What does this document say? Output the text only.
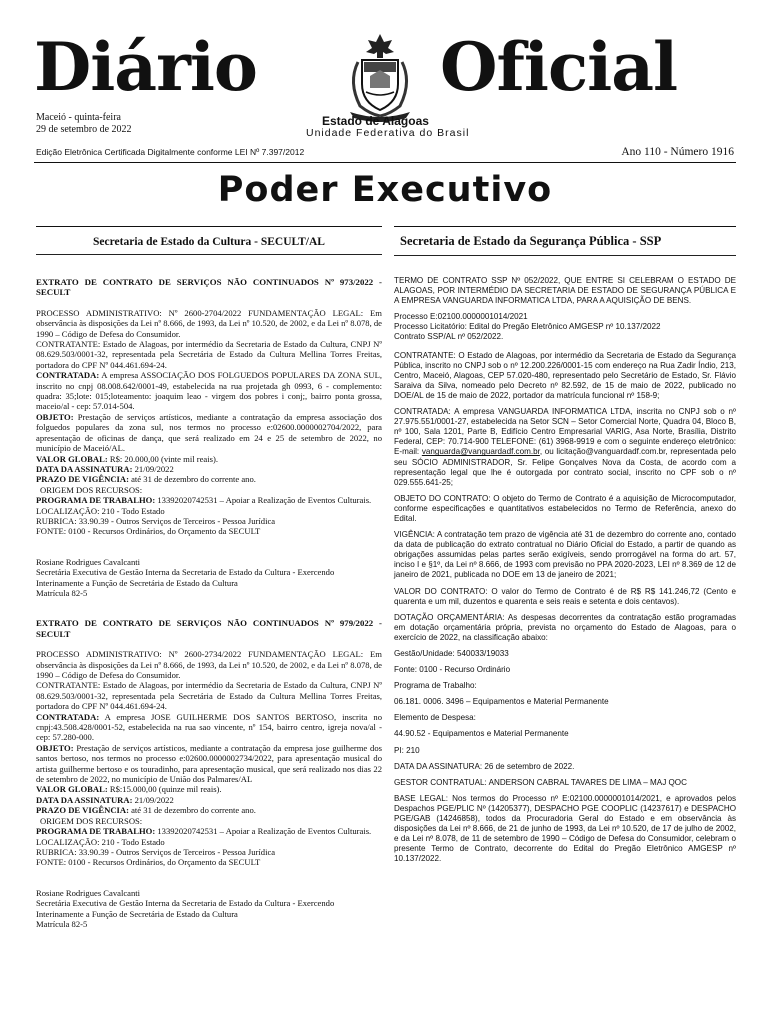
Diário	Oficial
Maceió - quinta-feira
29 de setembro de 2022
Estado de Alagoas
Unidade Federativa do Brasil
Edição Eletrônica Certificada Digitalmente conforme LEI Nº 7.397/2012	Ano 110 - Número 1916
Poder Executivo
Secretaria de Estado da Cultura - SECULT/AL
EXTRATO DE CONTRATO DE SERVIÇOS NÃO CONTINUADOS Nº 973/2022 - SECULT

PROCESSO ADMINISTRATIVO: Nº 2600-2704/2022 FUNDAMENTAÇÃO LEGAL: Em observância às disposições da Lei nº 8.666, de 1993, da Lei nº 10.520, de 2002, e da Lei nº 8.078, de 1990 – Código de Defesa do Consumidor.

CONTRATANTE: Estado de Alagoas, por intermédio da Secretaria de Estado da Cultura, CNPJ Nº 08.629.503/0001-32, representada pela Secretária de Estado da Cultura Mellina Torres Freitas, portadora do CPF Nº 044.461.694-24.

CONTRATADA: A empresa ASSOCIAÇÃO DOS FOLGUEDOS POPULARES DA ZONA SUL, inscrito no cnpj 08.008.642/0001-49, estabelecida na rua projetada gh 0993, 6 - complemento: quadra: 35;lote: 015;loteamento: joaquim leao - virgem dos pobres i conj;, bairro ponta grossa, maceio/al - cep: 57.014-504.

OBJETO: Prestação de serviços artísticos, mediante a contratação da empresa associação dos folguedos populares da zona sul, nos termos no processo e:02600.0000002704/2022, para apresentação de oficinas de dança, que será realizado em 24 e 25 de setembro de 2022, no município de Maceió/AL.

VALOR GLOBAL: R$: 20.000,00 (vinte mil reais).

DATA DA ASSINATURA: 21/09/2022

PRAZO DE VIGÊNCIA: até 31 de dezembro do corrente ano.

ORIGEM DOS RECURSOS:

PROGRAMA DE TRABALHO: 13392020742531 – Apoiar a Realização de Eventos Culturais.

LOCALIZAÇÃO: 210 - Todo Estado

RUBRICA: 33.90.39 - Outros Serviços de Terceiros - Pessoa Jurídica

FONTE: 0100 - Recursos Ordinários, do Orçamento da SECULT

Rosiane Rodrigues Cavalcanti

Secretária Executiva de Gestão Interna da Secretaria de Estado da Cultura - Exercendo Interinamente a Função de Secretária de Estado da Cultura

Matrícula 82-5

EXTRATO DE CONTRATO DE SERVIÇOS NÃO CONTINUADOS Nº 979/2022 - SECULT

PROCESSO ADMINISTRATIVO: Nº 2600-2734/2022 FUNDAMENTAÇÃO LEGAL: Em observância às disposições da Lei nº 8.666, de 1993, da Lei nº 10.520, de 2002, e da Lei nº 8.078, de 1990 – Código de Defesa do Consumidor.

CONTRATANTE: Estado de Alagoas, por intermédio da Secretaria de Estado da Cultura, CNPJ Nº 08.629.503/0001-32, representada pela Secretária de Estado da Cultura Mellina Torres Freitas, portadora do CPF Nº 044.461.694-24.

CONTRATADA: A empresa JOSE GUILHERME DOS SANTOS BERTOSO, inscrita no cnpj:43.508.428/0001-52, estabelecida na rua sao vincente, nº 154, bairro centro, igreja nova/al - cep: 57.280-000.

OBJETO: Prestação de serviços artísticos, mediante a contratação da empresa jose guilherme dos santos bertoso, nos termos no processo e:02600.0000002734/2022, para apresentação musical do artista guilherme bertoso e os touradinho, para apresentação musical, que será realizado nos dias 22 de setembro de 2022, no município de União dos Palmares/AL

VALOR GLOBAL: R$:15.000,00 (quinze mil reais).

DATA DA ASSINATURA: 21/09/2022

PRAZO DE VIGÊNCIA: até 31 de dezembro do corrente ano.

ORIGEM DOS RECURSOS:

PROGRAMA DE TRABALHO: 13392020742531 – Apoiar a Realização de Eventos Culturais.

LOCALIZAÇÃO: 210 - Todo Estado

RUBRICA: 33.90.39 - Outros Serviços de Terceiros - Pessoa Jurídica

FONTE: 0100 - Recursos Ordinários, do Orçamento da SECULT

Rosiane Rodrigues Cavalcanti

Secretária Executiva de Gestão Interna da Secretaria de Estado da Cultura - Exercendo Interinamente a Função de Secretária de Estado da Cultura

Matrícula 82-5

Secretaria de Estado da Segurança Pública - SSP

TERMO DE CONTRATO SSP Nº 052/2022, QUE ENTRE SI CELEBRAM O ESTADO DE ALAGOAS, POR INTERMÉDIO DA SECRETARIA DE ESTADO DE SEGURANÇA PÚBLICA E A EMPRESA VANGUARDA INFORMATICA LTDA, PARA A AQUISIÇÃO DE BENS.

Processo E:02100.0000001014/2021

Processo Licitatório: Edital do Pregão Eletrônico AMGESP nº 10.137/2022

Contrato SSP/AL nº 052/2022.

CONTRATANTE: O Estado de Alagoas, por intermédio da Secretaria de Estado da Segurança Pública, inscrito no CNPJ sob o nº 12.200.226/0001-15 com endereço na Rua Zadir Índio, 213, Centro, Maceió, Alagoas, CEP 57.020-480, representado pelo Secretário de Estado, Sr. Flávio Saraiva da Silva, nomeado pelo Decreto nº 82.592, de 15 de maio de 2022, publicado no DOE/AL de 15 de maio de 2022, portador da matrícula funcional nº 158-9;

CONTRATADA: A empresa VANGUARDA INFORMATICA LTDA, inscrita no CNPJ sob o nº 27.975.551/0001-27, estabelecida na Setor SCN – Setor Comercial Norte, Quadra 04, Bloco B, nº 100, Sala 1201, Parte B, Edifício Centro Empresarial VARIG, Asa Norte, Brasília, Distrito Federal, CEP: 70.714-900 TELEFONE: (61) 3968-9919 e com o seguinte endereço eletrônico: E-mail: vanguarda@vanguardadf.com.br, ou licitação@vanguardadf.com.br, representada pelo seu SÓCIO ADMINISTRADOR, Sr. Felipe Gonçalves Nova da Costa, de acordo com a representação legal que lhe é outorgada por contrato social, inscrito no CPF sob o nº 029.555.641-25;

OBJETO DO CONTRATO: O objeto do Termo de Contrato é a aquisição de Microcomputador, conforme especificações e quantitativos estabelecidos no Termo de Referência, anexo do Edital.

VIGÊNCIA: A contratação tem prazo de vigência até 31 de dezembro do corrente ano, contado da data de publicação do extrato contratual no Diário Oficial do Estado, a partir de quando as obrigações assumidas pelas partes serão exigíveis, sendo prorrogável na forma do art. 57, inciso I e §1º, da Lei nº 8.666, de 1993 com previsão no PPA 2020-2023, LEI nº 8.369 de 12 de janeiro de 2021, publicada no DOE em 13 de janeiro de 2021;

VALOR DO CONTRATO: O valor do Termo de Contrato é de R$ R$ 141.246,72 (Cento e quarenta e um mil, duzentos e quarenta e seis reais e setenta e dois centavos).

DOTAÇÃO ORÇAMENTÁRIA: As despesas decorrentes da contratação estão programadas em dotação orçamentária própria, prevista no orçamento do Estado de Alagoas, para o exercício de 2022, na classificação abaixo:

Gestão/Unidade: 540033/19033

Fonte: 0100 - Recurso Ordinário

Programa de Trabalho:

06.181. 0006. 3496 – Equipamentos e Material Permanente

Elemento de Despesa:

44.90.52 - Equipamentos e Material Permanente

PI: 210

DATA DA ASSINATURA: 26 de setembro de 2022.

GESTOR CONTRATUAL: ANDERSON CABRAL TAVARES DE LIMA – MAJ QOC

BASE LEGAL: Nos termos do Processo nº E:02100.0000001014/2021, e aprovados pelos Despachos PGE/PLIC Nº (14205377), DESPACHO PGE COOPLIC (14237617) e DESPACHO PGE/GAB (14246858), todos da Procuradoria Geral do Estado e em observância às disposições da Lei nº 8.666, de 21 de junho de 1993, da Lei nº 10.520, de 17 de julho de 2002, e da Lei nº 8.078, de 11 de setembro de 1990 – Código de Defesa do Consumidor, celebram o presente Termo de Contrato, decorrente do Edital do Pregão Eletrônico AMGESP nº 10.137/2022.
